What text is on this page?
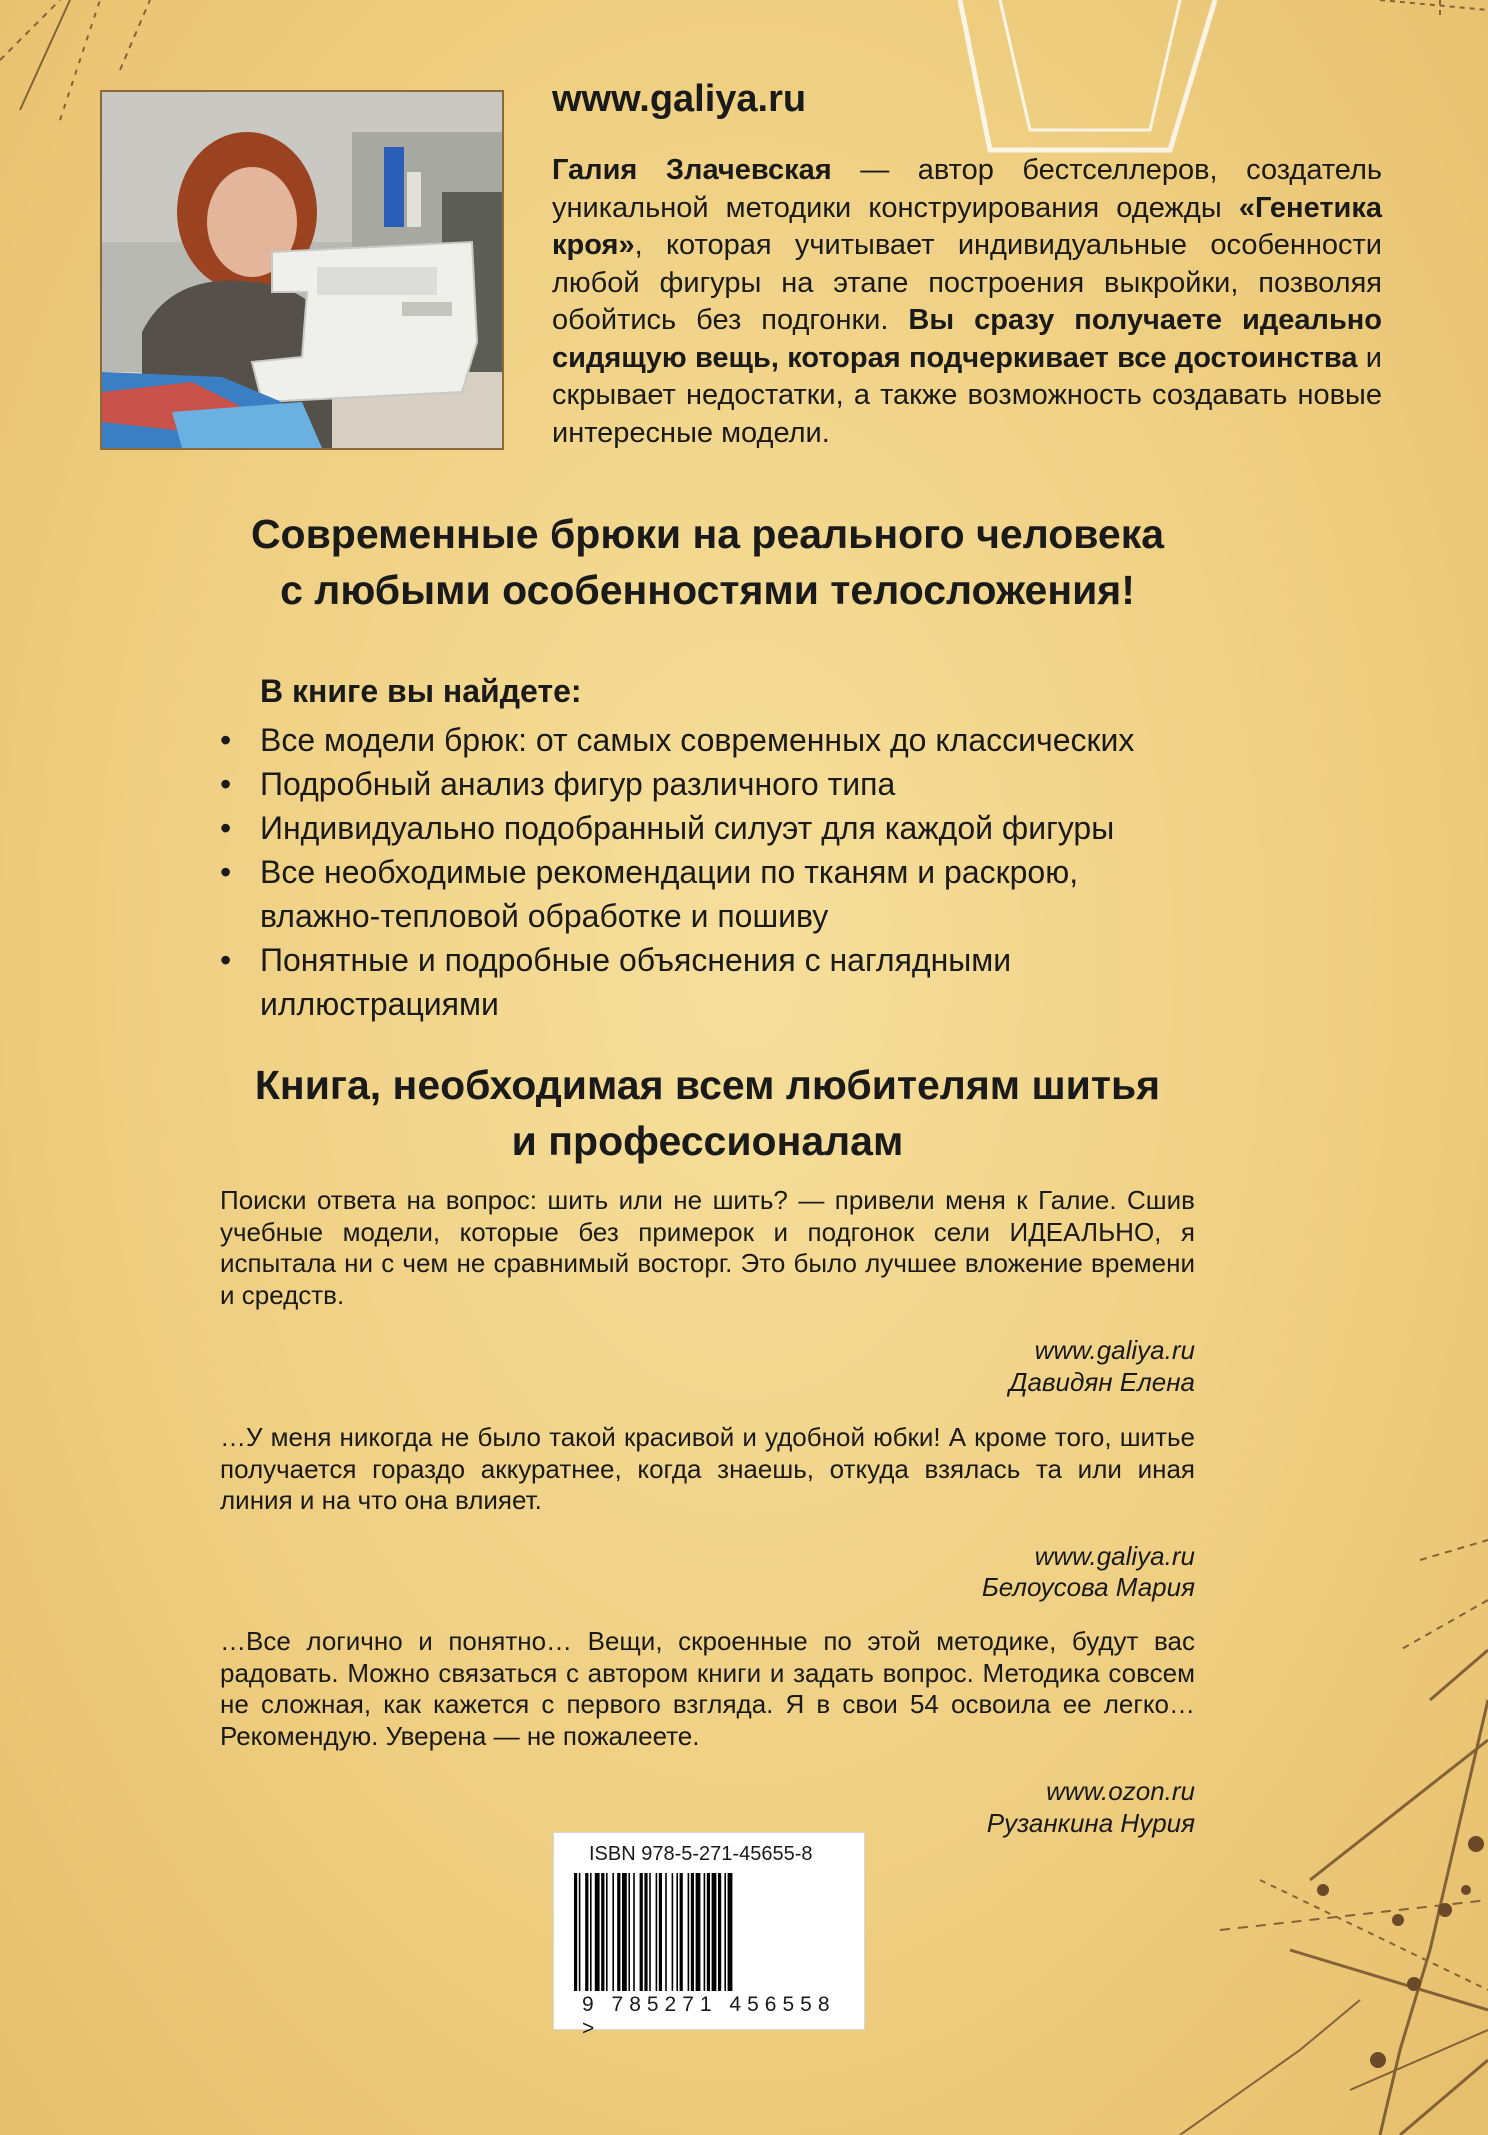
www.galiya.ru

Галия Злачевская — автор бестселлеров, создатель уникальной методики конструирования одежды «Генетика кроя», которая учитывает индивидуальные особенности любой фигуры на этапе построения выкройки, позволяя обойтись без подгонки. Вы сразу получаете идеально сидящую вещь, которая подчеркивает все достоинства и скрывает недостатки, а также возможность создавать новые интересные модели.

Современные брюки на реального человека
с любыми особенностями телосложения!

В книге вы найдете:

• Все модели брюк: от самых современных до классических
• Подробный анализ фигур различного типа
• Индивидуально подобранный силуэт для каждой фигуры
• Все необходимые рекомендации по тканям и раскрою, влажно-тепловой обработке и пошиву
• Понятные и подробные объяснения с наглядными иллюстрациями
Книга, необходимая всем любителям шитья
и профессионалам

Поиски ответа на вопрос: шить или не шить? — привели меня к Галие. Сшив учебные модели, которые без примерок и подгонок сели ИДЕАЛЬНО, я испытала ни с чем не сравнимый восторг. Это было лучшее вложение времени и средств.

www.galiya.ru

Давидян Елена

…У меня никогда не было такой красивой и удобной юбки! А кроме того, шитье получается гораздо аккуратнее, когда знаешь, откуда взялась та или иная линия и на что она влияет.

www.galiya.ru

Белоусова Мария

…Все логично и понятно… Вещи, скроенные по этой методике, будут вас радовать. Можно связаться с автором книги и задать вопрос. Методика совсем не сложная, как кажется с первого взгляда. Я в свои 54 освоила ее легко… Рекомендую. Уверена — не пожалеете.

www.ozon.ru

Рузанкина Нурия

ISBN 978-5-271-45655-8

9 785271 456558 >
